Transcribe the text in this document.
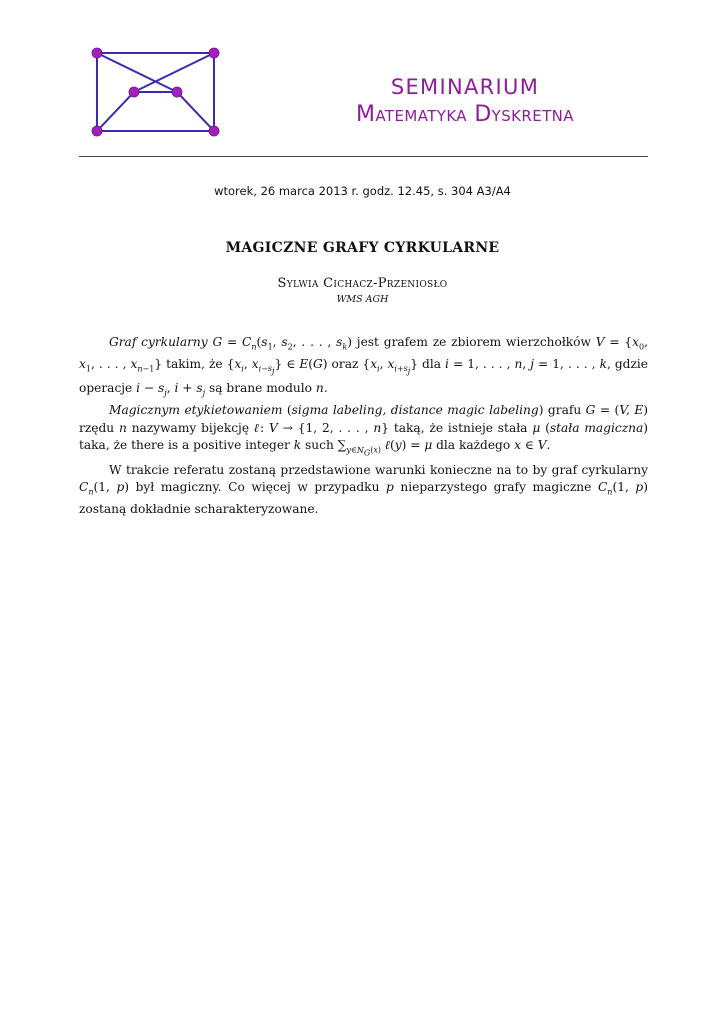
SEMINARIUM
Matematyka Dyskretna
wtorek, 26 marca 2013 r. godz. 12.45, s. 304 A3/A4
MAGICZNE GRAFY CYRKULARNE
Sylwia Cichacz-Przeniosło
WMS AGH

Graf cyrkularny $G = C_n(s_1$, $s_2$, . . . , $s_k$) jest grafem ze zbiorem wierzchołków $V = \{x_0$, $x_1$, . . . , $x_{n-1}$} takim, że {$x_i$, $x_{i-s_j}$} ∈ E(G) oraz {$x_i$, $x_{i+s_j}$} dla i = 1, . . . , n, j = 1, . . . , k, gdzie operacje $i - s_j$, $i + s_j$ są brane modulo n.

Magicznym etykietowaniem (sigma labeling, distance magic labeling) grafu G = (V, E) rzędu n nazywamy bijekcję ℓ: V → {1, 2, . . . , n} taką, że istnieje stała μ (stała magiczna) taka, że there is a positive integer k such $\sum_{y\in N_G(x)}$ ℓ(y) = μ dla każdego x ∈ V.

W trakcie referatu zostaną przedstawione warunki konieczne na to by graf cyrkularny $C_n(1$, p) był magiczny. Co więcej w przypadku p nieparzystego grafy magiczne $C_n(1$, p) zostaną dokładnie scharakteryzowane.
